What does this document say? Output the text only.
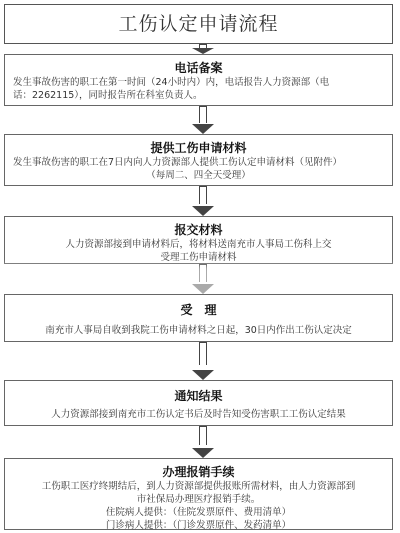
工伤认定申请流程
电话备案
发生事故伤害的职工在第一时间（24小时内）内，电话报告人力资源部（电
话：2262115），同时报告所在科室负责人。
提供工伤申请材料
发生事故伤害的职工在7日内向人力资源部人提供工伤认定申请材料（见附件）
（每周二、四全天受理）
报交材料
人力资源部接到申请材料后，将材料送南充市人事局工伤科上交
受理工伤申请材料
受　理
南充市人事局自收到我院工伤申请材料之日起，30日内作出工伤认定决定
通知结果
人力资源部接到南充市工伤认定书后及时告知受伤害职工工伤认定结果
办理报销手续
工伤职工医疗终期结后，到人力资源部提供报账所需材料，由人力资源部到
市社保局办理医疗报销手续。
住院病人提供：（住院发票原件、费用清单）
门诊病人提供：（门诊发票原件、发药清单）
